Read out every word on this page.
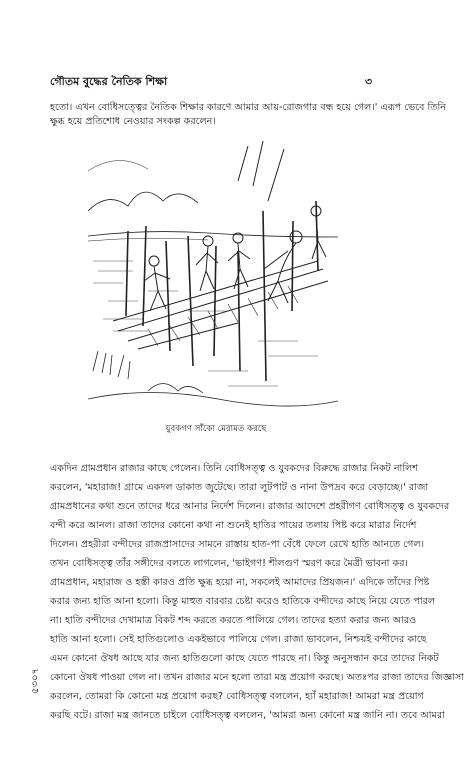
গৌতম বুদ্ধের নৈতিক শিক্ষা	৩
হতো। এখন বোধিসত্ত্বের নৈতিক শিক্ষার কারণে আমার আয়-রোজগার বন্ধ হয়ে গেল।' এরূপ ভেবে তিনি
ক্ষুব্ধ হয়ে প্রতিশোধ নেওয়ার সংকল্প করলেন।
যুবকগণ সাঁকো মেরামত করছে
একদিন গ্রামপ্রধান রাজার কাছে গেলেন। তিনি বোধিসত্ত্ব ও যুবকদের বিরুদ্ধে রাজার নিকট নালিশ
করলেন, 'মহারাজ! গ্রামে একদল ডাকাত জুটেছে। তারা লুটপাট ও নানা উপদ্রব করে বেড়াচ্ছে।' রাজা
গ্রামপ্রধানের কথা শুনে তাদের ধরে আনার নির্দেশ দিলেন। রাজার আদেশে প্রহরীগণ বোধিসত্ত্ব ও যুবকদের
বন্দী করে আনল। রাজা তাদের কোনো কথা না শুনেই হাতির পায়ের তলায় পিষ্ট করে মারার নির্দেশ
দিলেন। প্রহরীরা বন্দীদের রাজপ্রাসাদের সামনে রাস্তায় হাত-পা বেঁধে ফেলে রেখে হাতি আনতে গেল।
তখন বোধিসত্ত্ব তাঁর সঙ্গীদের বলতে লাগলেন, 'ভাইগণ! শীলগুণ স্মরণ করে মৈত্রী ভাবনা কর।
গ্রামপ্রধান, মহারাজ ও হস্তী কারও প্রতি ক্ষুব্ধ হয়ো না, সকলেই আমাদের প্রিয়জন।' এদিকে তাঁদের পিষ্ট
করার জন্য হাতি আনা হলো। কিন্তু মাহুত বারবার চেষ্টা করেও হাতিকে বন্দীদের কাছে নিয়ে যেতে পারল
না। হাতি বন্দীদের দেখামাত্র বিকট শব্দ করতে করতে পালিয়ে গেল। তাদের হত্যা করার জন্য আরও
হাতি আনা হলো। সেই হাতিগুলোও একইভাবে পালিয়ে গেল। রাজা ভাবলেন, নিশ্চয়ই বন্দীদের কাছে
এমন কোনো ঔষধ আছে যার জন্য হাতিগুলো কাছে যেতে পারছে না। কিন্তু অনুসন্ধান করে তাদের নিকট
কোনো ঔষধ পাওয়া গেল না। তখন রাজার মনে হলো তারা মন্ত্র প্রয়োগ করছে। অতঃপর রাজা তাদের জিজ্ঞাসা
করলেন, তোমরা কি কোনো মন্ত্র প্রয়োগ করছ? বোধিসত্ত্ব বললেন, হ্যাঁ মহারাজ! আমরা মন্ত্র প্রয়োগ
করছি বটে। রাজা মন্ত্র জানতে চাইলে বোধিসত্ত্ব বললেন, 'আমরা অন্য কোনো মন্ত্র জানি না। তবে আমরা
৫৩০৭
